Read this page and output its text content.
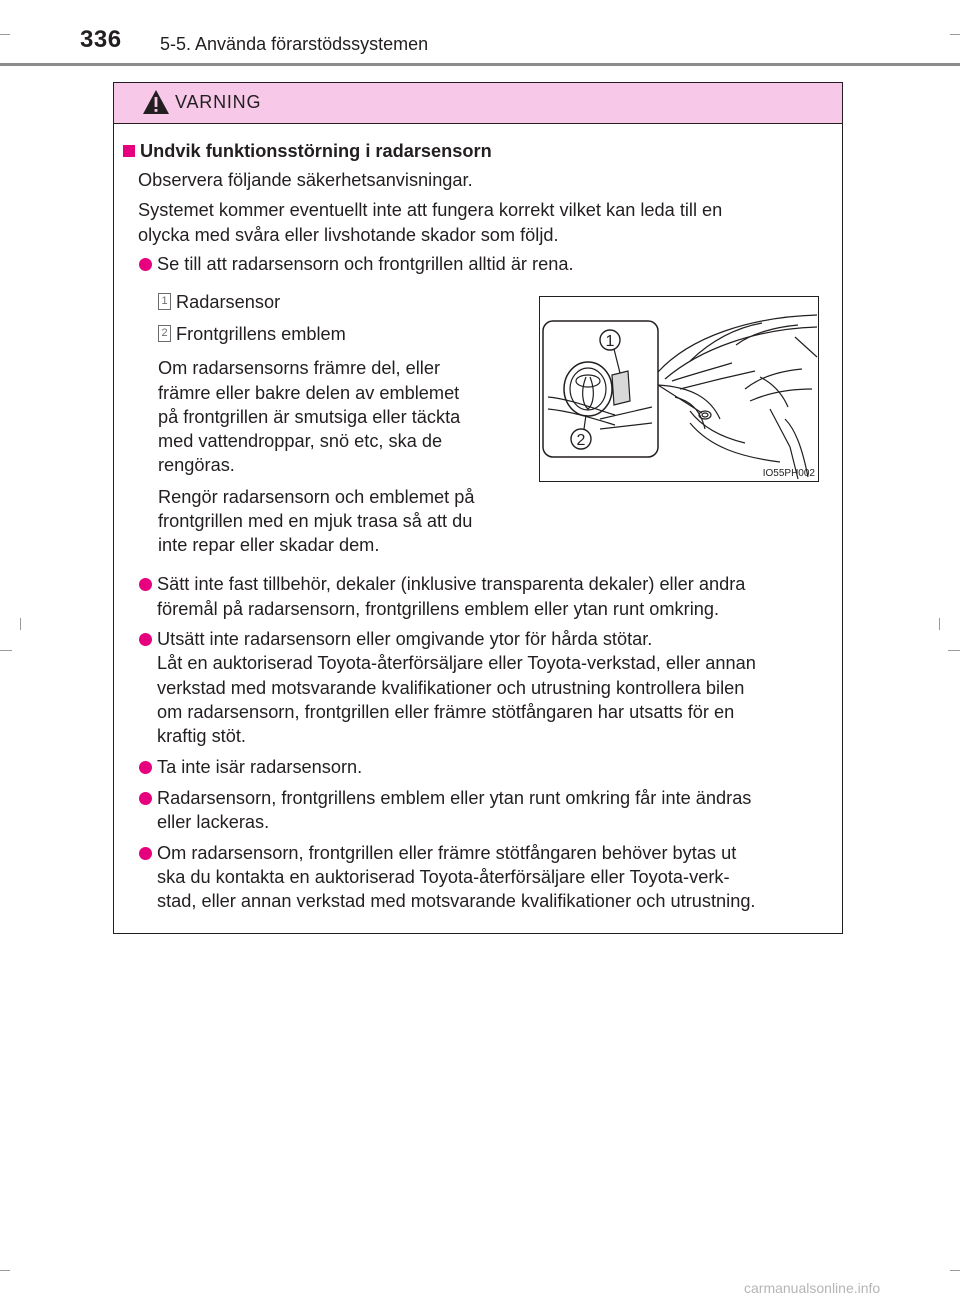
336 5-5. Använda förarstödssystemen
VARNING
Undvik funktionsstörning i radarsensorn
Observera följande säkerhetsanvisningar.
Systemet kommer eventuellt inte att fungera korrekt vilket kan leda till en
olycka med svåra eller livshotande skador som följd.
Se till att radarsensorn och frontgrillen alltid är rena.
1 Radarsensor
2 Frontgrillens emblem
Om radarsensorns främre del, eller
främre eller bakre delen av emblemet
på frontgrillen är smutsiga eller täckta
med vattendroppar, snö etc, ska de
rengöras.
Rengör radarsensorn och emblemet på
frontgrillen med en mjuk trasa så att du
inte repar eller skadar dem.
Sätt inte fast tillbehör, dekaler (inklusive transparenta dekaler) eller andra
föremål på radarsensorn, frontgrillens emblem eller ytan runt omkring.
Utsätt inte radarsensorn eller omgivande ytor för hårda stötar.
Låt en auktoriserad Toyota-återförsäljare eller Toyota-verkstad, eller annan
verkstad med motsvarande kvalifikationer och utrustning kontrollera bilen
om radarsensorn, frontgrillen eller främre stötfångaren har utsatts för en
kraftig stöt.
Ta inte isär radarsensorn.
Radarsensorn, frontgrillens emblem eller ytan runt omkring får inte ändras
eller lackeras.
Om radarsensorn, frontgrillen eller främre stötfångaren behöver bytas ut
ska du kontakta en auktoriserad Toyota-återförsäljare eller Toyota-verk-
stad, eller annan verkstad med motsvarande kvalifikationer och utrustning.
1
2
IO55PH002
carmanualsonline.info
